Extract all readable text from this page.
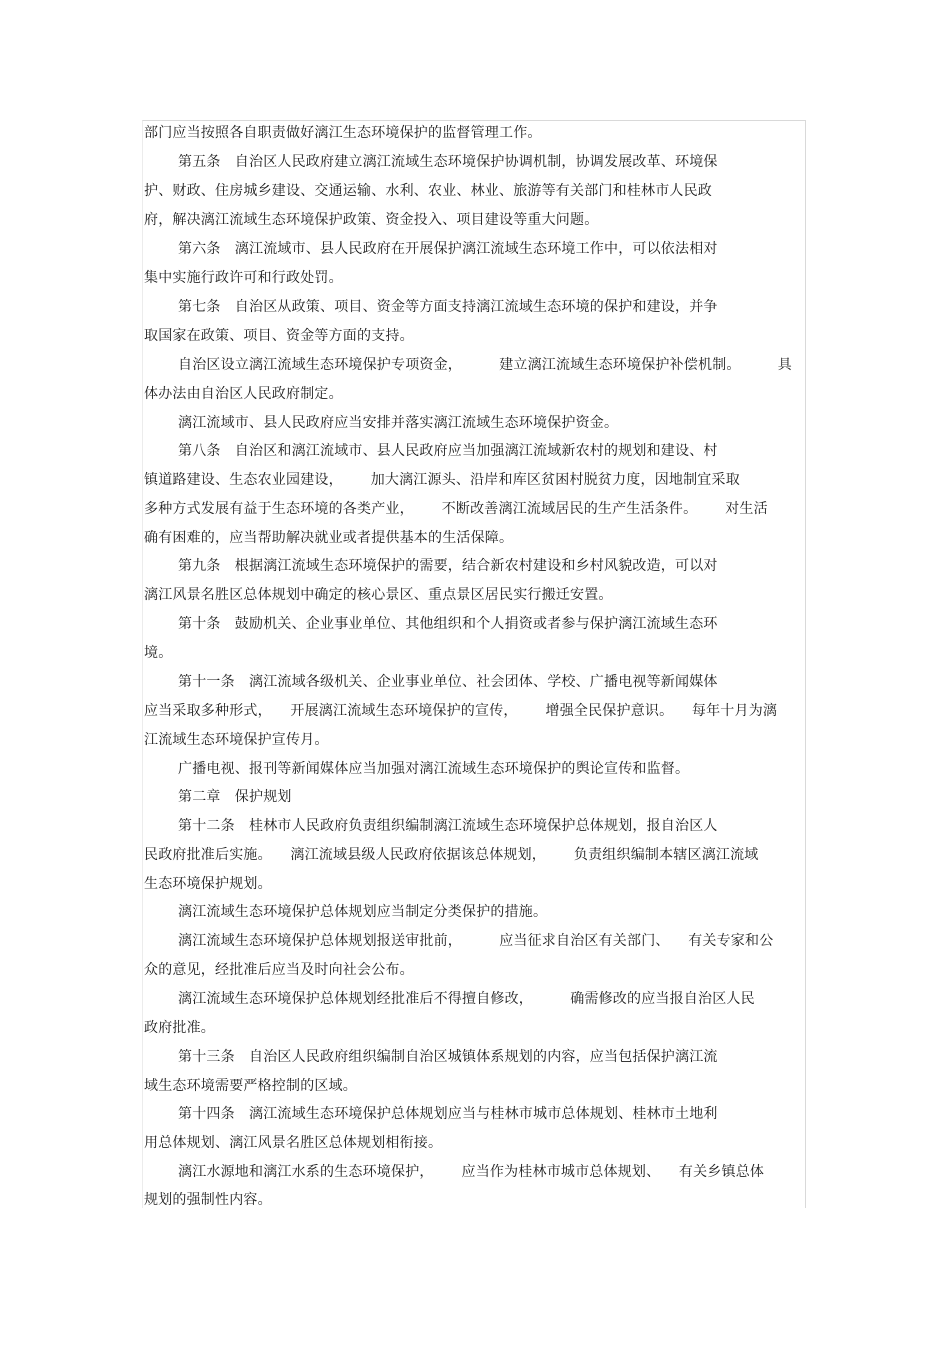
部门应当按照各自职责做好漓江生态环境保护的监督管理工作。
第五条　自治区人民政府建立漓江流域生态环境保护协调机制，协调发展改革、环境保
护、财政、住房城乡建设、交通运输、水利、农业、林业、旅游等有关部门和桂林市人民政
府，解决漓江流域生态环境保护政策、资金投入、项目建设等重大问题。
第六条　漓江流域市、县人民政府在开展保护漓江流域生态环境工作中，可以依法相对
集中实施行政许可和行政处罚。
第七条　自治区从政策、项目、资金等方面支持漓江流域生态环境的保护和建设，并争
取国家在政策、项目、资金等方面的支持。
自治区设立漓江流域生态环境保护专项资金，        建立漓江流域生态环境保护补偿机制。        具
体办法由自治区人民政府制定。
漓江流域市、县人民政府应当安排并落实漓江流域生态环境保护资金。
第八条　自治区和漓江流域市、县人民政府应当加强漓江流域新农村的规划和建设、村
镇道路建设、生态农业园建设，      加大漓江源头、沿岸和库区贫困村脱贫力度，因地制宜采取
多种方式发展有益于生态环境的各类产业，      不断改善漓江流域居民的生产生活条件。      对生活
确有困难的，应当帮助解决就业或者提供基本的生活保障。
第九条　根据漓江流域生态环境保护的需要，结合新农村建设和乡村风貌改造，可以对
漓江风景名胜区总体规划中确定的核心景区、重点景区居民实行搬迁安置。
第十条　鼓励机关、企业事业单位、其他组织和个人捐资或者参与保护漓江流域生态环
境。
第十一条　漓江流域各级机关、企业事业单位、社会团体、学校、广播电视等新闻媒体
应当采取多种形式，    开展漓江流域生态环境保护的宣传，      增强全民保护意识。    每年十月为漓
江流域生态环境保护宣传月。
广播电视、报刊等新闻媒体应当加强对漓江流域生态环境保护的舆论宣传和监督。
第二章　保护规划
第十二条　桂林市人民政府负责组织编制漓江流域生态环境保护总体规划，报自治区人
民政府批准后实施。    漓江流域县级人民政府依据该总体规划，      负责组织编制本辖区漓江流域
生态环境保护规划。
漓江流域生态环境保护总体规划应当制定分类保护的措施。
漓江流域生态环境保护总体规划报送审批前，        应当征求自治区有关部门、    有关专家和公
众的意见，经批准后应当及时向社会公布。
漓江流域生态环境保护总体规划经批准后不得擅自修改，        确需修改的应当报自治区人民
政府批准。
第十三条　自治区人民政府组织编制自治区城镇体系规划的内容，应当包括保护漓江流
域生态环境需要严格控制的区域。
第十四条　漓江流域生态环境保护总体规划应当与桂林市城市总体规划、桂林市土地利
用总体规划、漓江风景名胜区总体规划相衔接。
漓江水源地和漓江水系的生态环境保护，      应当作为桂林市城市总体规划、    有关乡镇总体
规划的强制性内容。
